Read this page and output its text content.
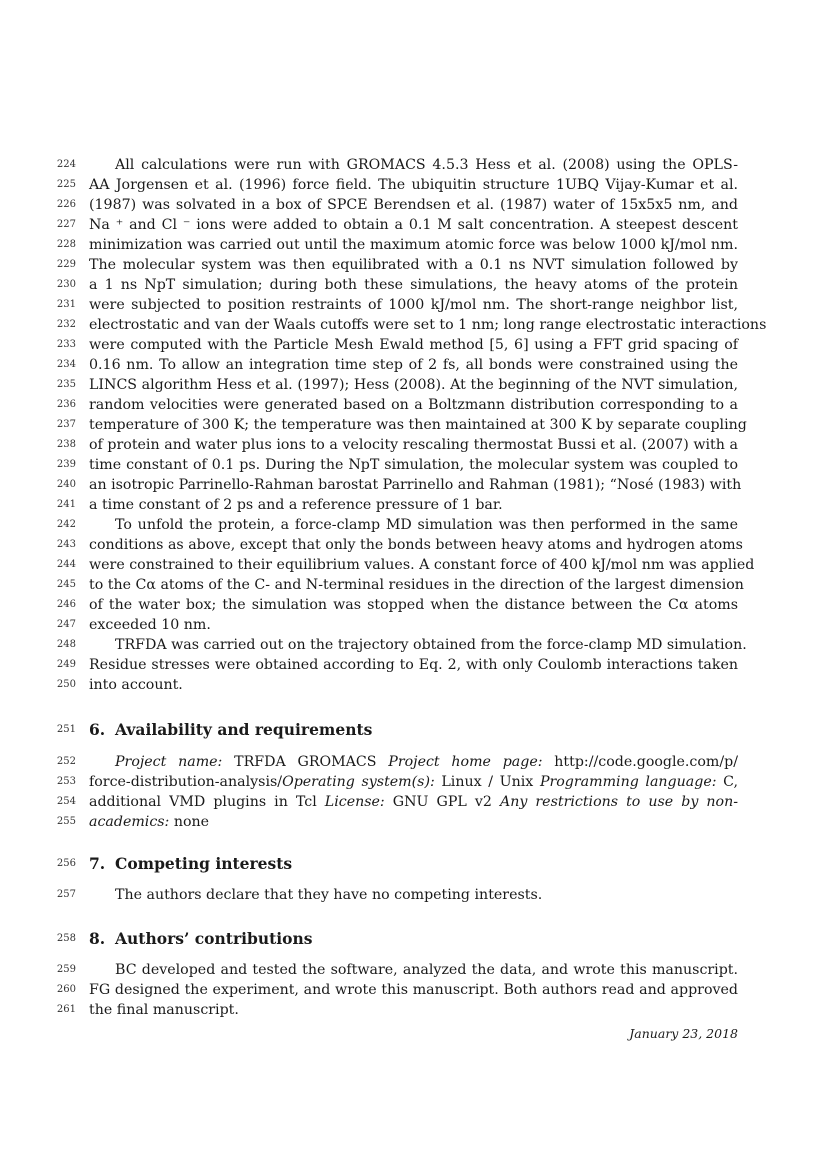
January 23, 2018
224	All calculations were run with GROMACS 4.5.3 Hess et al. (2008) using the OPLS-
225 AA Jorgensen et al. (1996) force field. The ubiquitin structure 1UBQ Vijay-Kumar et al.
226 (1987) was solvated in a box of SPCE Berendsen et al. (1987) water of 15x5x5 nm, and
227 Na ⁺ and Cl ⁻ ions were added to obtain a 0.1 M salt concentration. A steepest descent
228 minimization was carried out until the maximum atomic force was below 1000 kJ/mol nm.
229 The molecular system was then equilibrated with a 0.1 ns NVT simulation followed by
230 a 1 ns NpT simulation; during both these simulations, the heavy atoms of the protein
231 were subjected to position restraints of 1000 kJ/mol nm. The short-range neighbor list,
232 electrostatic and van der Waals cutoffs were set to 1 nm; long range electrostatic interactions
233 were computed with the Particle Mesh Ewald method [5, 6] using a FFT grid spacing of
234 0.16 nm. To allow an integration time step of 2 fs, all bonds were constrained using the
235 LINCS algorithm Hess et al. (1997); Hess (2008). At the beginning of the NVT simulation,
236 random velocities were generated based on a Boltzmann distribution corresponding to a
237 temperature of 300 K; the temperature was then maintained at 300 K by separate coupling
238 of protein and water plus ions to a velocity rescaling thermostat Bussi et al. (2007) with a
239 time constant of 0.1 ps. During the NpT simulation, the molecular system was coupled to
240 an isotropic Parrinello-Rahman barostat Parrinello and Rahman (1981); “Nosé (1983) with
241 a time constant of 2 ps and a reference pressure of 1 bar.
242	To unfold the protein, a force-clamp MD simulation was then performed in the same
243 conditions as above, except that only the bonds between heavy atoms and hydrogen atoms
244 were constrained to their equilibrium values. A constant force of 400 kJ/mol nm was applied
245 to the Cα atoms of the C- and N-terminal residues in the direction of the largest dimension
246 of the water box; the simulation was stopped when the distance between the Cα atoms
247 exceeded 10 nm.
248	TRFDA was carried out on the trajectory obtained from the force-clamp MD simulation.
249 Residue stresses were obtained according to Eq. 2, with only Coulomb interactions taken
250 into account.
251 6. Availability and requirements
252	Project name: TRFDA GROMACS Project home page: http://code.google.com/p/
253 force-distribution-analysis/Operating system(s): Linux / Unix Programming language: C,
254 additional VMD plugins in Tcl License: GNU GPL v2 Any restrictions to use by non-
255 academics: none
256 7. Competing interests
257	The authors declare that they have no competing interests.
258 8. Authors’ contributions
259	BC developed and tested the software, analyzed the data, and wrote this manuscript.
260 FG designed the experiment, and wrote this manuscript. Both authors read and approved
261 the final manuscript.
